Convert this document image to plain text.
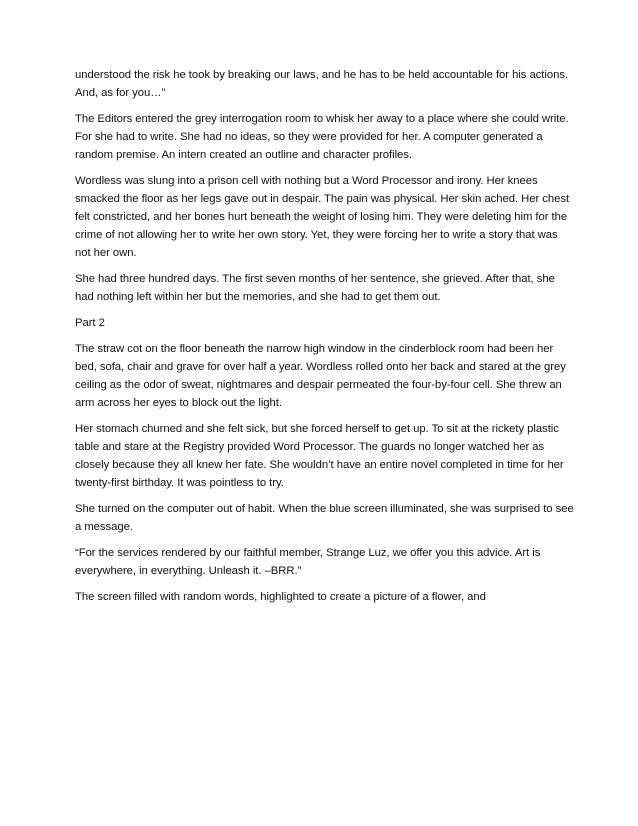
understood the risk he took by breaking our laws, and he has to be held accountable for his actions. And, as for you…”

The Editors entered the grey interrogation room to whisk her away to a place where she could write. For she had to write. She had no ideas, so they were provided for her. A computer generated a random premise. An intern created an outline and character profiles.

Wordless was slung into a prison cell with nothing but a Word Processor and irony. Her knees smacked the floor as her legs gave out in despair. The pain was physical. Her skin ached. Her chest felt constricted, and her bones hurt beneath the weight of losing him. They were deleting him for the crime of not allowing her to write her own story. Yet, they were forcing her to write a story that was not her own.

She had three hundred days. The first seven months of her sentence, she grieved. After that, she had nothing left within her but the memories, and she had to get them out.

Part 2

The straw cot on the floor beneath the narrow high window in the cinderblock room had been her bed, sofa, chair and grave for over half a year. Wordless rolled onto her back and stared at the grey ceiling as the odor of sweat, nightmares and despair permeated the four-by-four cell. She threw an arm across her eyes to block out the light.

Her stomach churned and she felt sick, but she forced herself to get up. To sit at the rickety plastic table and stare at the Registry provided Word Processor. The guards no longer watched her as closely because they all knew her fate. She wouldn’t have an entire novel completed in time for her twenty-first birthday. It was pointless to try.

She turned on the computer out of habit. When the blue screen illuminated, she was surprised to see a message.

“For the services rendered by our faithful member, Strange Luz, we offer you this advice. Art is everywhere, in everything. Unleash it. –BRR.”

The screen filled with random words, highlighted to create a picture of a flower, and
